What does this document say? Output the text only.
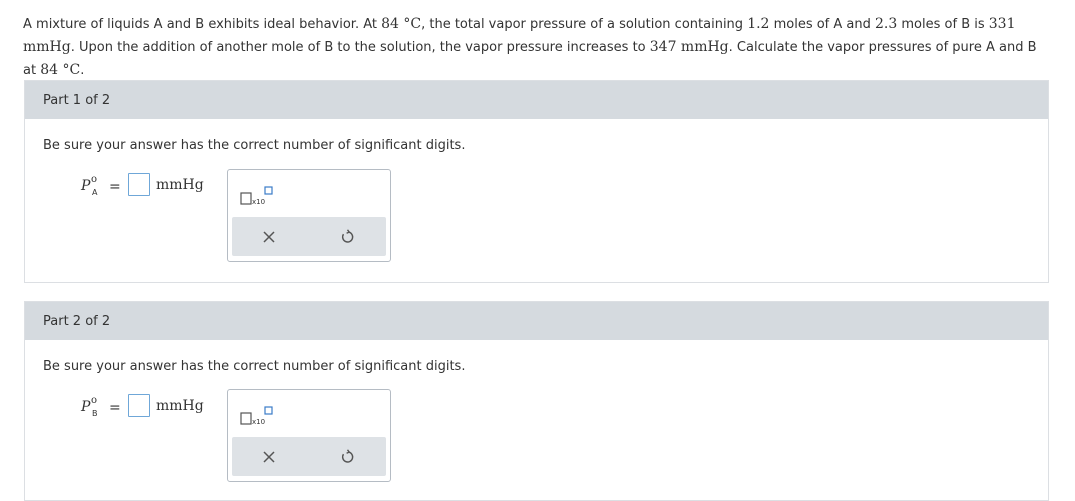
A mixture of liquids A and B exhibits ideal behavior. At 84 °C, the total vapor pressure of a solution containing 1.2 moles of A and 2.3 moles of B is 331 mmHg. Upon the addition of another mole of B to the solution, the vapor pressure increases to 347 mmHg. Calculate the vapor pressures of pure A and B at 84 °C.
Part 1 of 2
Be sure your answer has the correct number of significant digits.
P o
A =	mmHg
x10
Part 2 of 2
Be sure your answer has the correct number of significant digits.
P o
B =	mmHg
x10
